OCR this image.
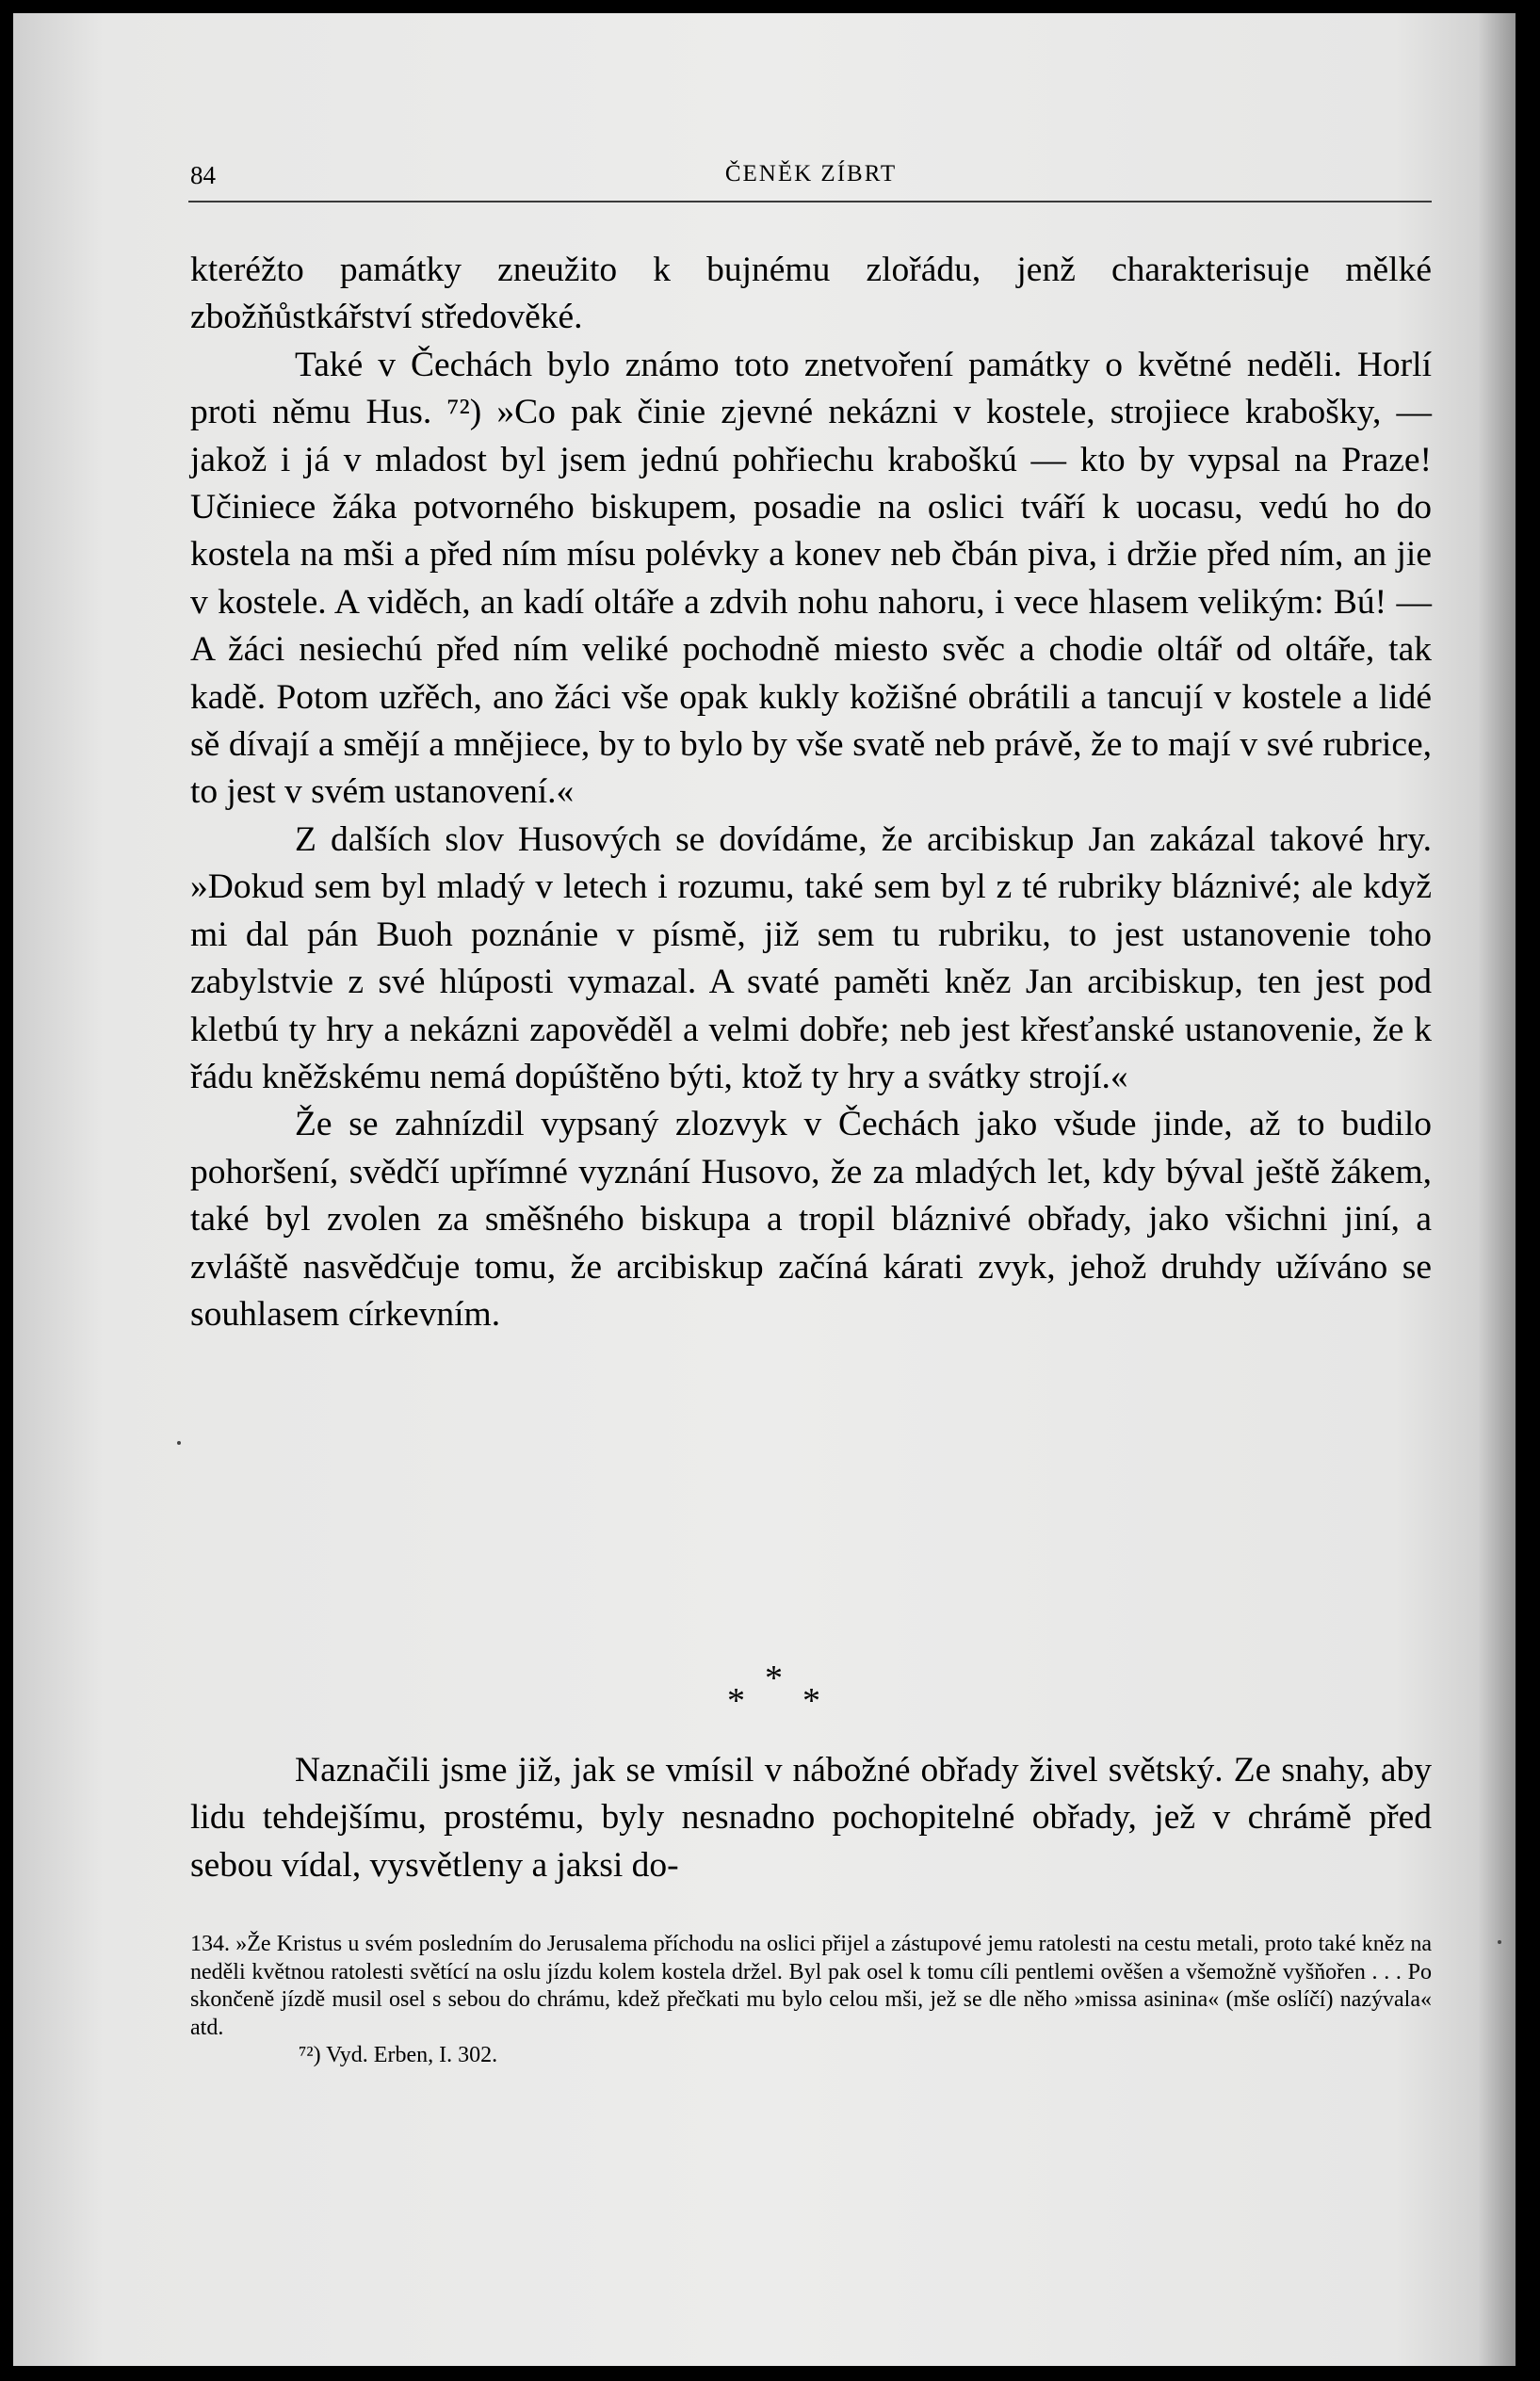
84	ČENĚK ZÍBRT

kteréžto památky zneužito k bujnému zlořádu, jenž charakterisuje mělké zbožňůstkářství středověké.

Také v Čechách bylo známo toto znetvoření památky o květné neděli. Horlí proti němu Hus. ⁷²) »Co pak činie zjevné nekázni v kostele, strojiece krabošky, — jakož i já v mladost byl jsem jednú pohřiechu kraboškú — kto by vypsal na Praze! Učiniece žáka potvorného biskupem, posadie na oslici tváří k uocasu, vedú ho do kostela na mši a před ním mísu polévky a konev neb čbán piva, i držie před ním, an jie v kostele. A viděch, an kadí oltáře a zdvih nohu nahoru, i vece hlasem velikým: Bú! — A žáci nesiechú před ním veliké pochodně miesto svěc a chodie oltář od oltáře, tak kadě. Potom uzřěch, ano žáci vše opak kukly kožišné obrátili a tancují v kostele a lidé sě dívají a smějí a mnějiece, by to bylo by vše svatě neb právě, že to mají v své rubrice, to jest v svém ustanovení.«

Z dalších slov Husových se dovídáme, že arcibiskup Jan zakázal takové hry. »Dokud sem byl mladý v letech i rozumu, také sem byl z té rubriky bláznivé; ale když mi dal pán Buoh poznánie v písmě, již sem tu rubriku, to jest ustanovenie toho zabylstvie z své hlúposti vymazal. A svaté paměti kněz Jan arcibiskup, ten jest pod kletbú ty hry a nekázni zapověděl a velmi dobře; neb jest křesťanské ustanovenie, že k řádu kněžskému nemá dopúštěno býti, ktož ty hry a svátky strojí.«

Že se zahnízdil vypsaný zlozvyk v Čechách jako všude jinde, až to budilo pohoršení, svědčí upřímné vyznání Husovo, že za mladých let, kdy býval ještě žákem, také byl zvolen za směšného biskupa a tropil bláznivé obřady, jako všichni jiní, a zvláště nasvědčuje tomu, že arcibiskup začíná kárati zvyk, jehož druhdy užíváno se souhlasem církevním.

*
* *

Naznačili jsme již, jak se vmísil v nábožné obřady živel světský. Ze snahy, aby lidu tehdejšímu, prostému, byly nesnadno pochopitelné obřady, jež v chrámě před sebou vídal, vysvětleny a jaksi do-

134. »Že Kristus u svém posledním do Jerusalema příchodu na oslici přijel a zástupové jemu ratolesti na cestu metali, proto také kněz na neděli květnou ratolesti světící na oslu jízdu kolem kostela držel. Byl pak osel k tomu cíli pentlemi ověšen a všemožně vyšňořen . . . Po skončeně jízdě musil osel s sebou do chrámu, kdež přečkati mu bylo celou mši, jež se dle něho »missa asinina« (mše oslíčí) nazývala« atd.

⁷²) Vyd. Erben, I. 302.
